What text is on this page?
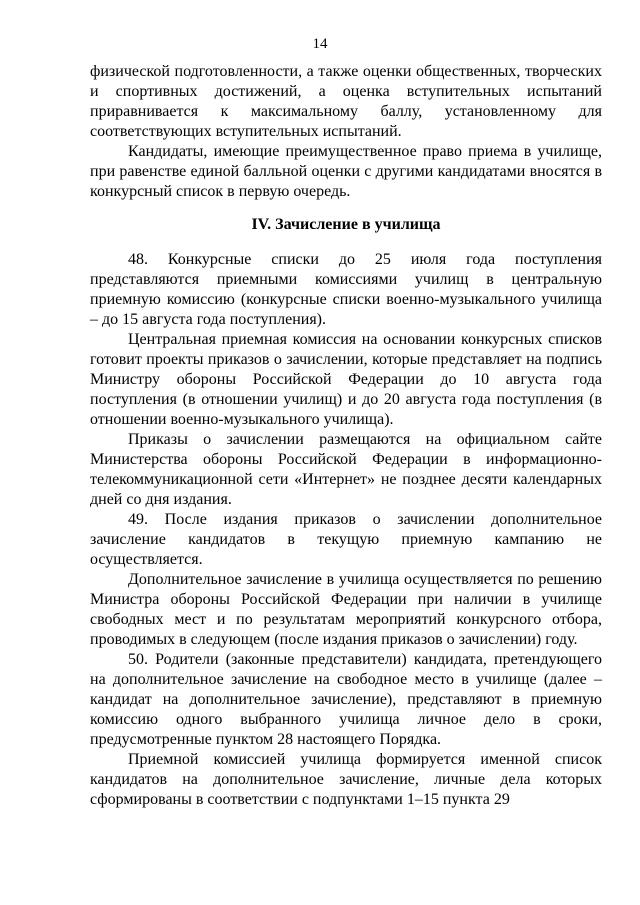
14

физической подготовленности, а также оценки общественных, творческих и спортивных достижений, а оценка вступительных испытаний приравнивается к максимальному баллу, установленному для соответствующих вступительных испытаний.

Кандидаты, имеющие преимущественное право приема в училище, при равенстве единой балльной оценки с другими кандидатами вносятся в конкурсный список в первую очередь.

IV. Зачисление в училища

48. Конкурсные списки до 25 июля года поступления представляются приемными комиссиями училищ в центральную приемную комиссию (конкурсные списки военно-музыкального училища – до 15 августа года поступления).

Центральная приемная комиссия на основании конкурсных списков готовит проекты приказов о зачислении, которые представляет на подпись Министру обороны Российской Федерации до 10 августа года поступления (в отношении училищ) и до 20 августа года поступления (в отношении военно-музыкального училища).

Приказы о зачислении размещаются на официальном сайте Министерства обороны Российской Федерации в информационно-телекоммуникационной сети «Интернет» не позднее десяти календарных дней со дня издания.

49. После издания приказов о зачислении дополнительное зачисление кандидатов в текущую приемную кампанию не осуществляется.

Дополнительное зачисление в училища осуществляется по решению Министра обороны Российской Федерации при наличии в училище свободных мест и по результатам мероприятий конкурсного отбора, проводимых в следующем (после издания приказов о зачислении) году.

50. Родители (законные представители) кандидата, претендующего на дополнительное зачисление на свободное место в училище (далее – кандидат на дополнительное зачисление), представляют в приемную комиссию одного выбранного училища личное дело в сроки, предусмотренные пунктом 28 настоящего Порядка.

Приемной комиссией училища формируется именной список кандидатов на дополнительное зачисление, личные дела которых сформированы в соответствии с подпунктами 1–15 пункта 29
